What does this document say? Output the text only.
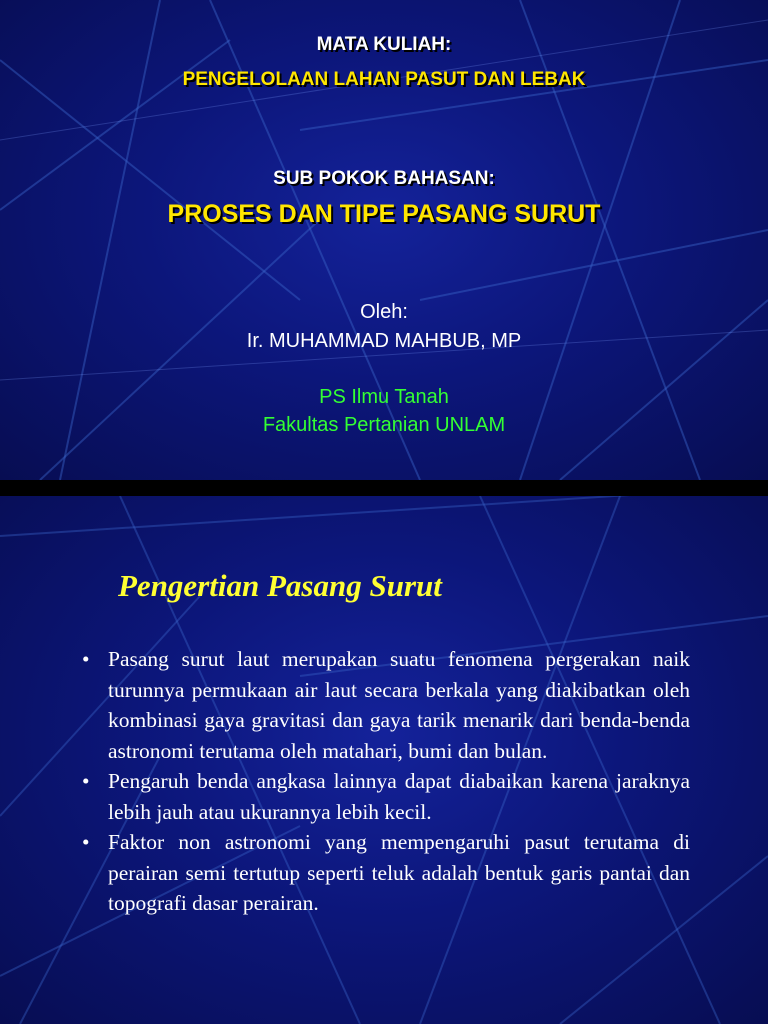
MATA KULIAH:
PENGELOLAAN LAHAN PASUT DAN LEBAK
SUB POKOK BAHASAN:
PROSES DAN TIPE PASANG SURUT
Oleh:
Ir. MUHAMMAD MAHBUB, MP
PS Ilmu Tanah
Fakultas Pertanian UNLAM
Pengertian Pasang Surut
• Pasang surut laut merupakan suatu fenomena pergerakan naik turunnya permukaan air laut secara berkala yang diakibatkan oleh kombinasi gaya gravitasi dan gaya tarik menarik dari benda-benda astronomi terutama oleh matahari, bumi dan bulan.
• Pengaruh benda angkasa lainnya dapat diabaikan karena jaraknya lebih jauh atau ukurannya lebih kecil.
• Faktor non astronomi yang mempengaruhi pasut terutama di perairan semi tertutup seperti teluk adalah bentuk garis pantai dan topografi dasar perairan.
